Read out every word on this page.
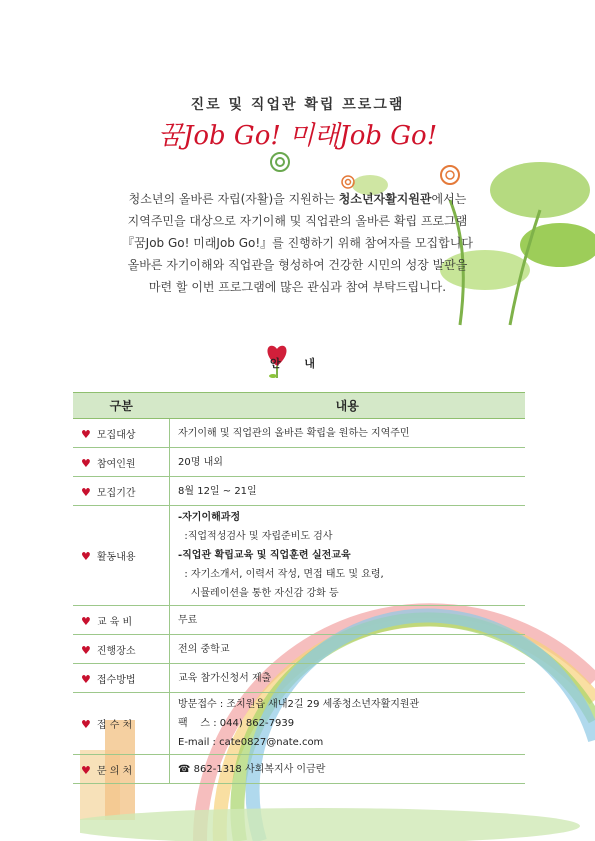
진로 및 직업관 확립 프로그램
꿈Job Go! 미래Job Go!
청소년의 올바른 자립(자활)을 지원하는 청소년자활지원관에서는
지역주민을 대상으로 자기이해 및 직업관의 올바른 확립 프로그램
『꿈Job Go! 미래Job Go!』를 진행하기 위해 참여자를 모집합니다
올바른 자기이해와 직업관을 형성하여 건강한 시민의 성장 발판을
마련 할 이번 프로그램에 많은 관심과 참여 부탁드립니다.
안 내
구분	내용
♥ 모집대상	자기이해 및 직업관의 올바른 확립을 원하는 지역주민

♥ 참여인원	20명 내외

♥ 모집기간	8월 12일 ~ 21일

♥ 활동내용	-자기이해과정
:직업적성검사 및 자립준비도 검사
-직업관 확립교육 및 직업훈련 실전교육
: 자기소개서, 이력서 작성, 면접 태도 및 요령,
시뮬레이션을 통한 자신감 강화 등

♥ 교 육 비	무료

♥ 진행장소	전의 중학교

♥ 접수방법	교육 참가신청서 제출

♥ 접 수 처	방문접수 : 조치원읍 새내2길 29 세종청소년자활지원관
팩    스 : 044) 862-7939
E-mail : cate0827@nate.com

♥ 문 의 처	☎ 862-1318 사회복지사 이금란
